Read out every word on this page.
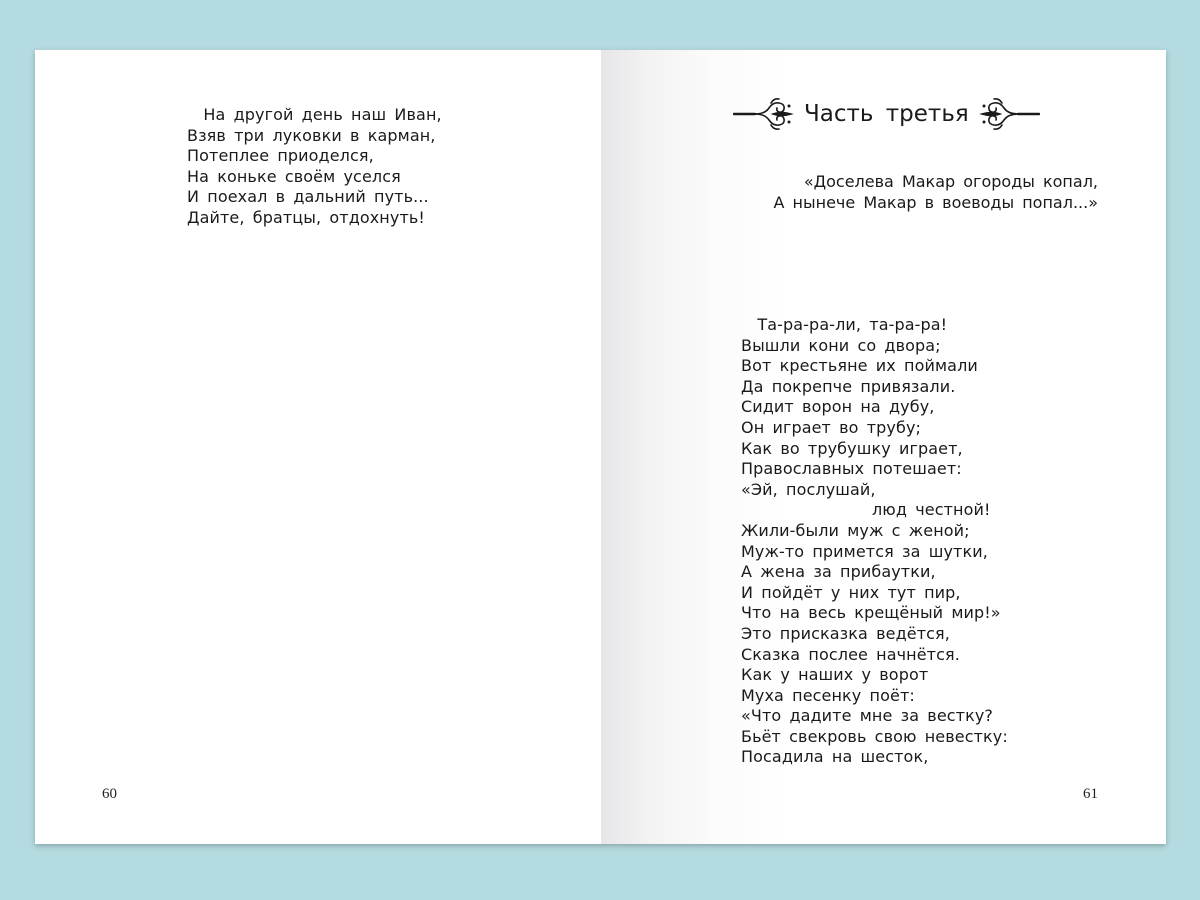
На другой день наш Иван,
Взяв три луковки в карман,
Потеплее приоделся,
На коньке своём уселся
И поехал в дальний путь...
Дайте, братцы, отдохнуть!
60
Часть третья
«Доселева Макар огороды копал,
А нынече Макар в воеводы попал...»
Та-ра-ра-ли, та-ра-ра!
Вышли кони со двора;
Вот крестьяне их поймали
Да покрепче привязали.
Сидит ворон на дубу,
Он играет во трубу;
Как во трубушку играет,
Православных потешает:
«Эй, послушай,
люд честной!
Жили-были муж с женой;
Муж-то примется за шутки,
А жена за прибаутки,
И пойдёт у них тут пир,
Что на весь крещёный мир!»
Это присказка ведётся,
Сказка послее начнётся.
Как у наших у ворот
Муха песенку поёт:
«Что дадите мне за вестку?
Бьёт свекровь свою невестку:
Посадила на шесток,
61
